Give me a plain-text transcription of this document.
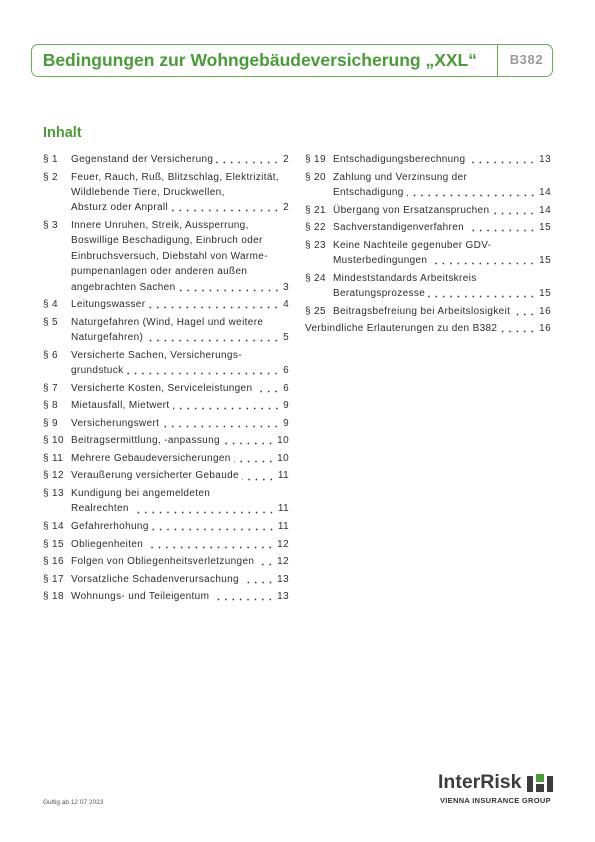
Bedingungen zur Wohngebäudeversicherung „XXL“	B382
Inhalt
§ 1	Gegenstand der Versicherung	2
§ 2	Feuer, Rauch, Ruß, Blitzschlag, Elektrizität,
Wildlebende Tiere, Druckwellen,
Absturz oder Anprall	2
§ 3	Innere Unruhen, Streik, Aussperrung,
Boswillige Beschadigung, Einbruch oder
Einbruchsversuch, Diebstahl von Warme-
pumpenanlagen oder anderen außen
angebrachten Sachen	3
§ 4	Leitungswasser	4
§ 5	Naturgefahren (Wind, Hagel und weitere
Naturgefahren)	5
§ 6	Versicherte Sachen, Versicherungs-
grundstuck	6
§ 7	Versicherte Kosten, Serviceleistungen	6
§ 8	Mietausfall, Mietwert	9
§ 9	Versicherungswert	9
§ 10 Beitragsermittlung, -anpassung	10
§ 11 Mehrere Gebaudeversicherungen	10
§ 12 Veraußerung versicherter Gebaude	11
§ 13 Kundigung bei angemeldeten
Realrechten	11
§ 14 Gefahrerhohung	11
§ 15 Obliegenheiten	12
§ 16 Folgen von Obliegenheitsverletzungen 12
§ 17 Vorsatzliche Schadenverursachung	13
§ 18 Wohnungs- und Teileigentum	13
§ 19 Entschadigungsberechnung	13
§ 20 Zahlung und Verzinsung der
Entschadigung	14
§ 21 Übergang von Ersatzanspruchen	14
§ 22 Sachverstandigenverfahren	15
§ 23 Keine Nachteile gegenuber GDV-
Musterbedingungen	15
§ 24 Mindeststandards Arbeitskreis
Beratungsprozesse	15
§ 25 Beitragsbefreiung bei Arbeitslosigkeit	16
Verbindliche Erlauterungen zu den B382	16
Gultig ab 12 07 2023
InterRisk
VIENNA INSURANCE GROUP
